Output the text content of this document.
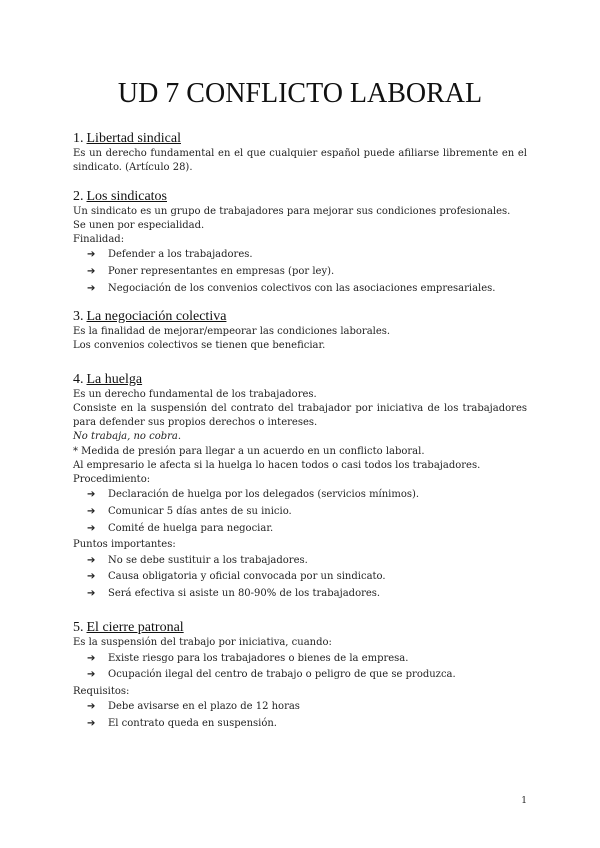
UD 7 CONFLICTO LABORAL
1. Libertad sindical

Es un derecho fundamental en el que cualquier español puede afiliarse libremente en el sindicato. (Artículo 28).

2. Los sindicatos

Un sindicato es un grupo de trabajadores para mejorar sus condiciones profesionales.

Se unen por especialidad.

Finalidad:

➔ Defender a los trabajadores.
➔ Poner representantes en empresas (por ley).
➔ Negociación de los convenios colectivos con las asociaciones empresariales.
3. La negociación colectiva

Es la finalidad de mejorar/empeorar las condiciones laborales.

Los convenios colectivos se tienen que beneficiar.

4. La huelga

Es un derecho fundamental de los trabajadores.

Consiste en la suspensión del contrato del trabajador por iniciativa de los trabajadores para defender sus propios derechos o intereses.

No trabaja, no cobra.

* Medida de presión para llegar a un acuerdo en un conflicto laboral.

Al empresario le afecta si la huelga lo hacen todos o casi todos los trabajadores.

Procedimiento:

➔ Declaración de huelga por los delegados (servicios mínimos).
➔ Comunicar 5 días antes de su inicio.
➔ Comité de huelga para negociar.

Puntos importantes:

➔ No se debe sustituir a los trabajadores.
➔ Causa obligatoria y oficial convocada por un sindicato.
➔ Será efectiva si asiste un 80-90% de los trabajadores.
5. El cierre patronal

Es la suspensión del trabajo por iniciativa, cuando:

➔ Existe riesgo para los trabajadores o bienes de la empresa.
➔ Ocupación ilegal del centro de trabajo o peligro de que se produzca.

Requisitos:

➔ Debe avisarse en el plazo de 12 horas
➔ El contrato queda en suspensión.
1
